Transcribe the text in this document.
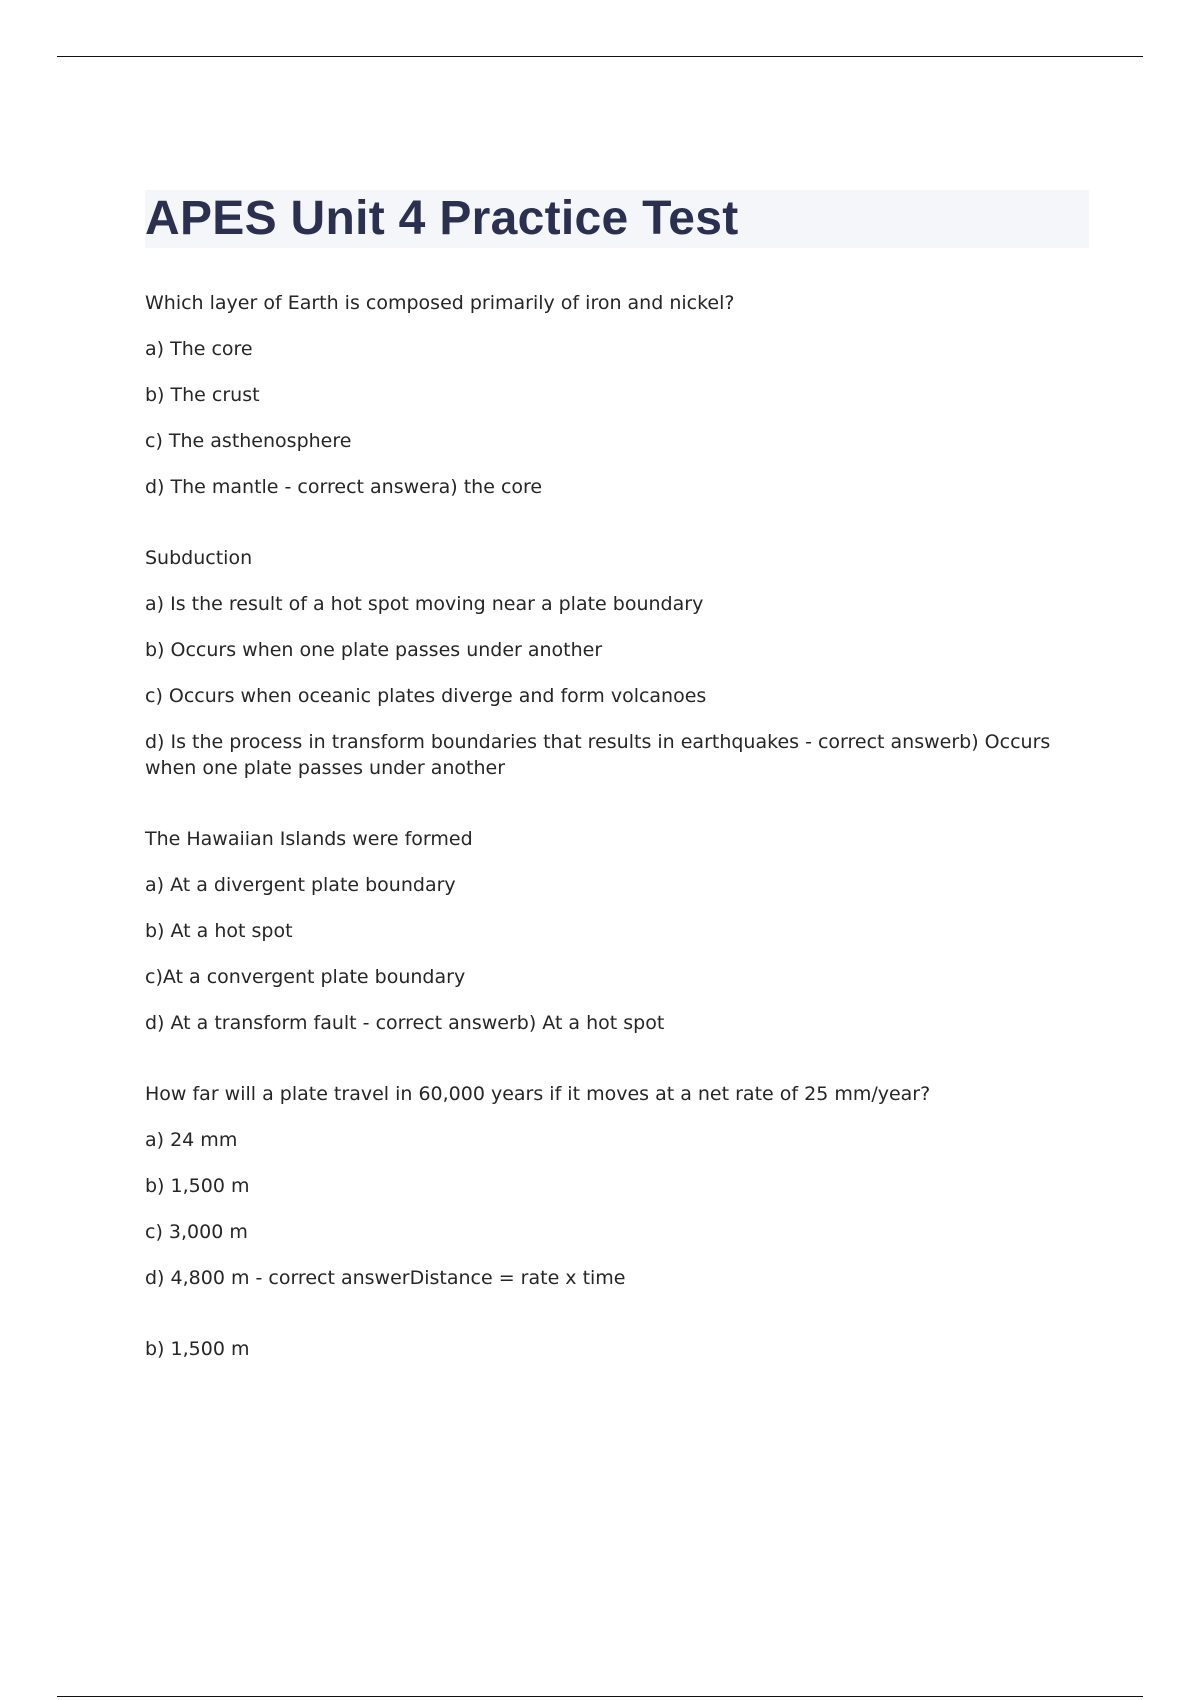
APES Unit 4 Practice Test

Which layer of Earth is composed primarily of iron and nickel?

a) The core

b) The crust

c) The asthenosphere

d) The mantle - correct answera) the core

Subduction

a) Is the result of a hot spot moving near a plate boundary

b) Occurs when one plate passes under another

c) Occurs when oceanic plates diverge and form volcanoes

d) Is the process in transform boundaries that results in earthquakes - correct answerb) Occurs when one plate passes under another

The Hawaiian Islands were formed

a) At a divergent plate boundary

b) At a hot spot

c)At a convergent plate boundary

d) At a transform fault - correct answerb) At a hot spot

How far will a plate travel in 60,000 years if it moves at a net rate of 25 mm/year?

a) 24 mm

b) 1,500 m

c) 3,000 m

d) 4,800 m - correct answerDistance = rate x time

b) 1,500 m
